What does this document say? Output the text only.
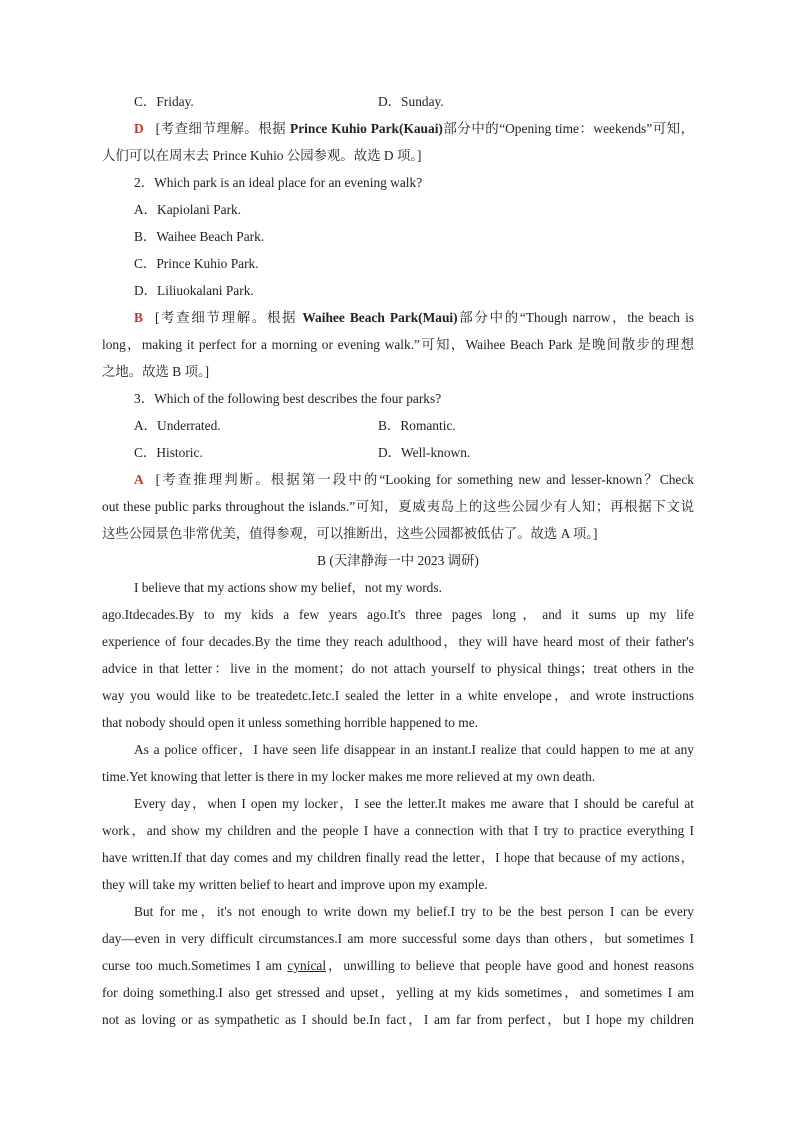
C．Friday.	D．Sunday.
D [考查细节理解。根据 Prince Kuhio Park(Kauai)部分中的“Opening time：weekends”可知，
人们可以在周末去 Prince Kuhio 公园参观。故选 D 项。]
2．Which park is an ideal place for an evening walk?
A．Kapiolani Park.
B．Waihee Beach Park.
C．Prince Kuhio Park.
D．Liliuokalani Park.
B [考查细节理解。根据 Waihee Beach Park(Maui)部分中的“Though narrow，the beach is
long，making it perfect for a morning or evening walk.”可知，Waihee Beach Park 是晚间散步的理想
之地。故选 B 项。]
3．Which of the following best describes the four parks?
A．Underrated.	B．Romantic.
C．Historic.	D．Well-known.
A [考查推理判断。根据第一段中的“Looking for something new and lesser-known？Check
out these public parks throughout the islands.”可知，夏威夷岛上的这些公园少有人知；再根据下文说
这些公园景色非常优美，值得参观，可以推断出，这些公园都被低估了。故选 A 项。]
B (天津静海一中 2023 调研)
I believe that my actions show my belief，not my words.
ago.Itdecades.By to my kids a few years ago.It's three pages long，and it sums up my life
experience of four decades.By the time they reach adulthood，they will have heard most of their father's
advice in that letter：live in the moment；do not attach yourself to physical things；treat others in the
way you would like to be treatedetc.Ietc.I sealed the letter in a white envelope，and wrote instructions
that nobody should open it unless something horrible happened to me.
As a police officer，I have seen life disappear in an instant.I realize that could happen to me at any
time.Yet knowing that letter is there in my locker makes me more relieved at my own death.
Every day，when I open my locker，I see the letter.It makes me aware that I should be careful at
work，and show my children and the people I have a connection with that I try to practice everything I
have written.If that day comes and my children finally read the letter，I hope that because of my actions，
they will take my written belief to heart and improve upon my example.
But for me，it's not enough to write down my belief.I try to be the best person I can be every
day—even in very difficult circumstances.I am more successful some days than others，but sometimes I
curse too much.Sometimes I am cynical，unwilling to believe that people have good and honest reasons
for doing something.I also get stressed and upset，yelling at my kids sometimes，and sometimes I am
not as loving or as sympathetic as I should be.In fact，I am far from perfect，but I hope my children
